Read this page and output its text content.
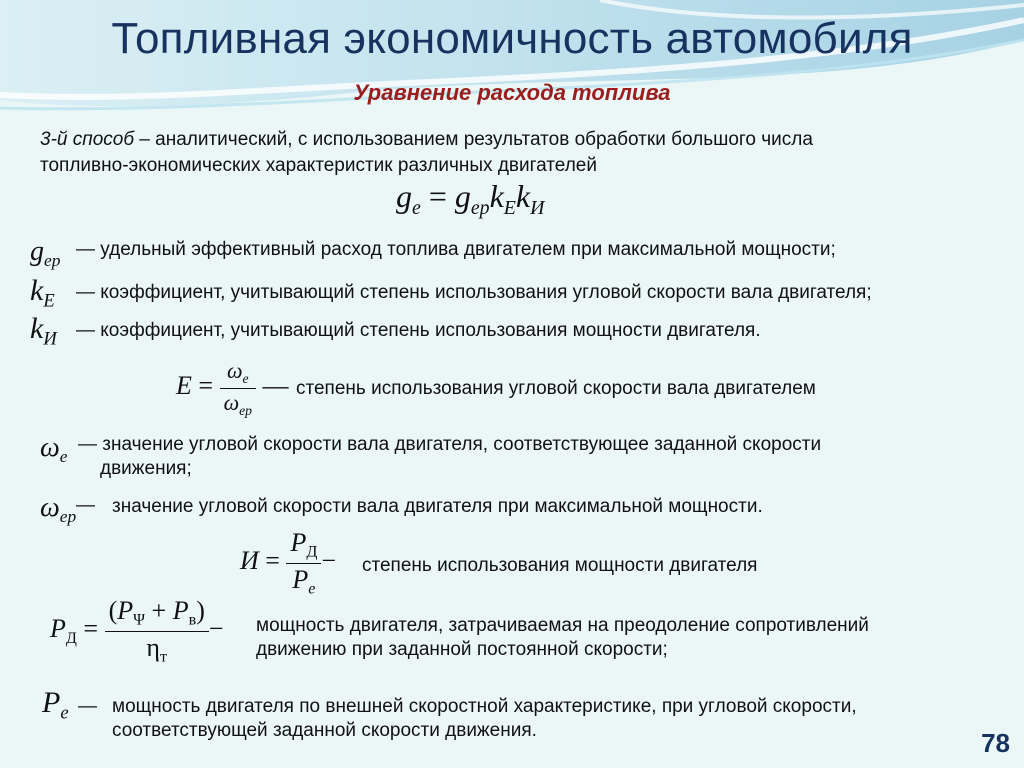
Топливная экономичность автомобиля
Уравнение расхода топлива
3-й способ – аналитический, с использованием результатов обработки большого числа
топливно-экономических характеристик различных двигателей
$g_e = g_{ep}k_Ek_И$
$g_{ep}$
— удельный эффективный расход топлива двигателем при максимальной мощности;
$k_E$ — коэффициент, учитывающий степень использования угловой скорости вала двигателя;
$k_И$ — коэффициент, учитывающий степень использования мощности двигателя.
$E = \frac{\omega_e}{\omega_{ep}}$ — степень использования угловой скорости вала двигателем
$\omega_e$
— значение угловой скорости вала двигателя, соответствующее заданной скорости
движения;
$\omega_{ep}$
— значение угловой скорости вала двигателя при максимальной мощности.
$И = \frac{P_Д}{P_e}$ − степень использования мощности двигателя
$P_Д = \frac{(P_\Psi + P_в)}{\eta_т}$ − мощность двигателя, затрачиваемая на преодоление сопротивлений
движению при заданной постоянной скорости;
$P_e$ — мощность двигателя по внешней скоростной характеристике, при угловой скорости,
соответствующей заданной скорости движения.	78
